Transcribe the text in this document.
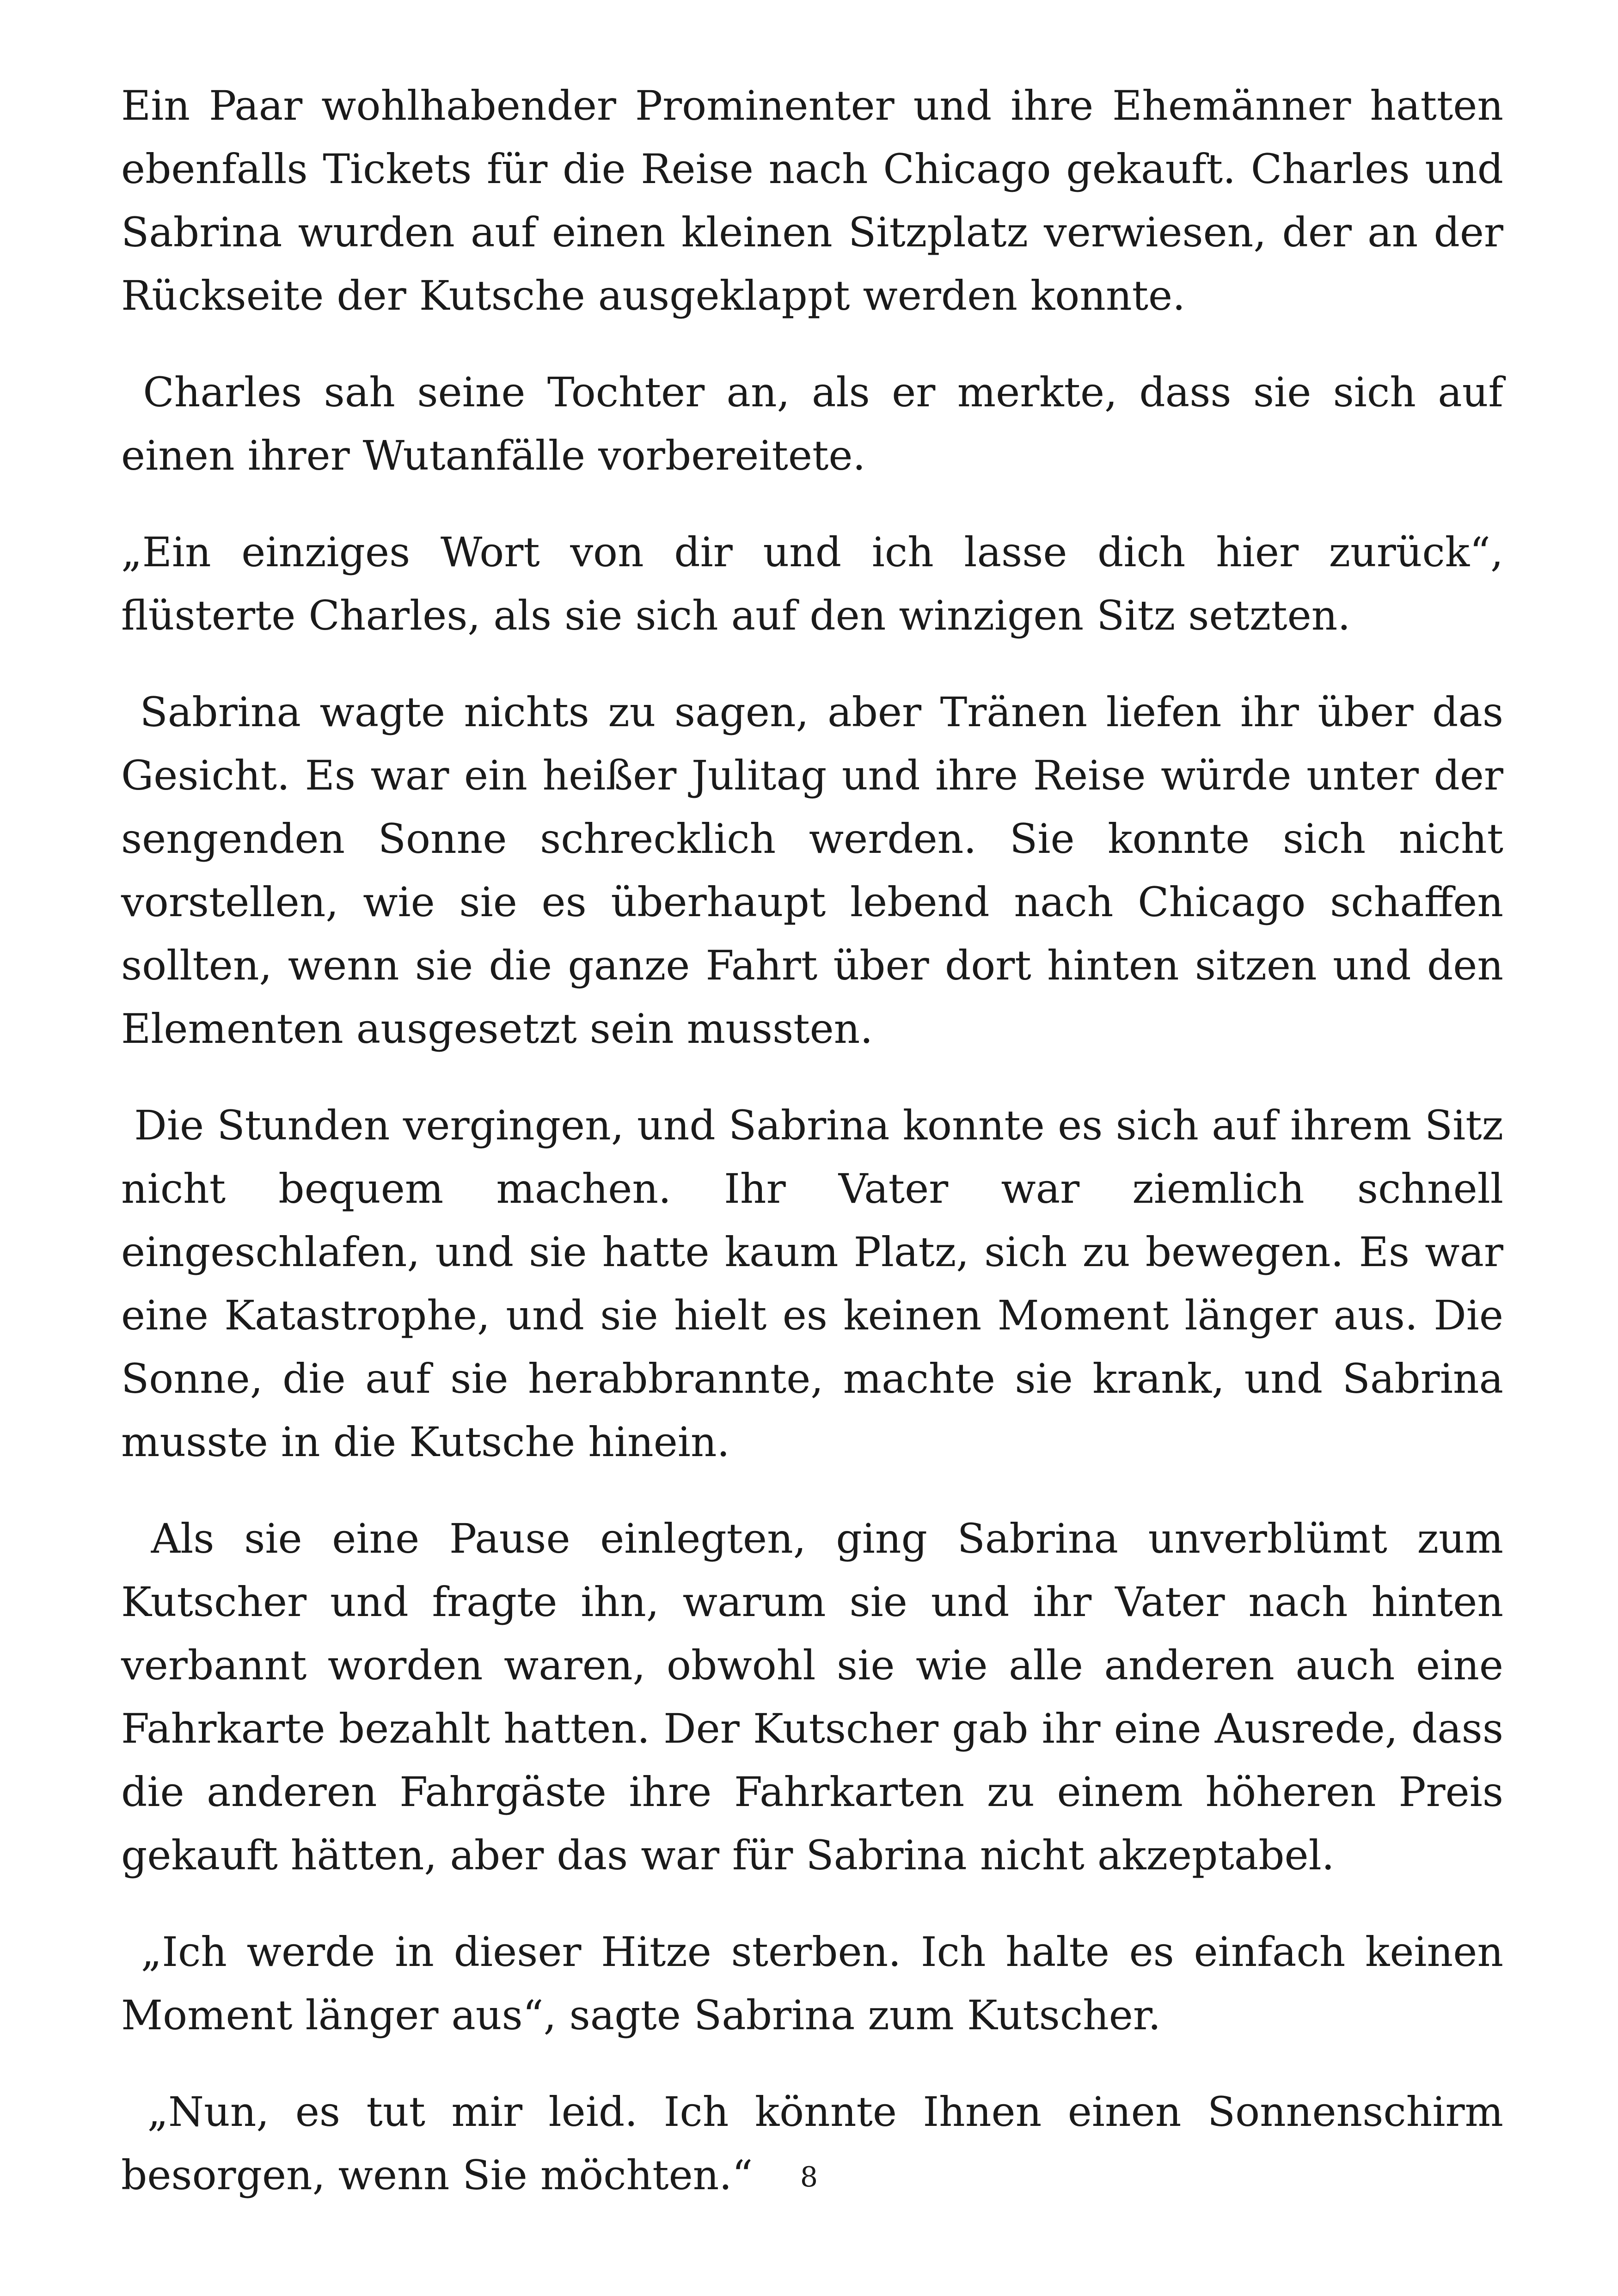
Ein Paar wohlhabender Prominenter und ihre Ehemänner hatten ebenfalls Tickets für die Reise nach Chicago gekauft. Charles und Sabrina wurden auf einen kleinen Sitzplatz verwiesen, der an der Rückseite der Kutsche ausgeklappt werden konnte.

Charles sah seine Tochter an, als er merkte, dass sie sich auf einen ihrer Wutanfälle vorbereitete.

„Ein einziges Wort von dir und ich lasse dich hier zurück“, flüsterte Charles, als sie sich auf den winzigen Sitz setzten.

Sabrina wagte nichts zu sagen, aber Tränen liefen ihr über das Gesicht. Es war ein heißer Julitag und ihre Reise würde unter der sengenden Sonne schrecklich werden. Sie konnte sich nicht vorstellen, wie sie es überhaupt lebend nach Chicago schaffen sollten, wenn sie die ganze Fahrt über dort hinten sitzen und den Elementen ausgesetzt sein mussten.

Die Stunden vergingen, und Sabrina konnte es sich auf ihrem Sitz nicht bequem machen. Ihr Vater war ziemlich schnell eingeschlafen, und sie hatte kaum Platz, sich zu bewegen. Es war eine Katastrophe, und sie hielt es keinen Moment länger aus. Die Sonne, die auf sie herabbrannte, machte sie krank, und Sabrina musste in die Kutsche hinein.

Als sie eine Pause einlegten, ging Sabrina unverblümt zum Kutscher und fragte ihn, warum sie und ihr Vater nach hinten verbannt worden waren, obwohl sie wie alle anderen auch eine Fahrkarte bezahlt hatten. Der Kutscher gab ihr eine Ausrede, dass die anderen Fahrgäste ihre Fahrkarten zu einem höheren Preis gekauft hätten, aber das war für Sabrina nicht akzeptabel.

„Ich werde in dieser Hitze sterben. Ich halte es einfach keinen Moment länger aus“, sagte Sabrina zum Kutscher.

„Nun, es tut mir leid. Ich könnte Ihnen einen Sonnenschirm besorgen, wenn Sie möchten.“	8
